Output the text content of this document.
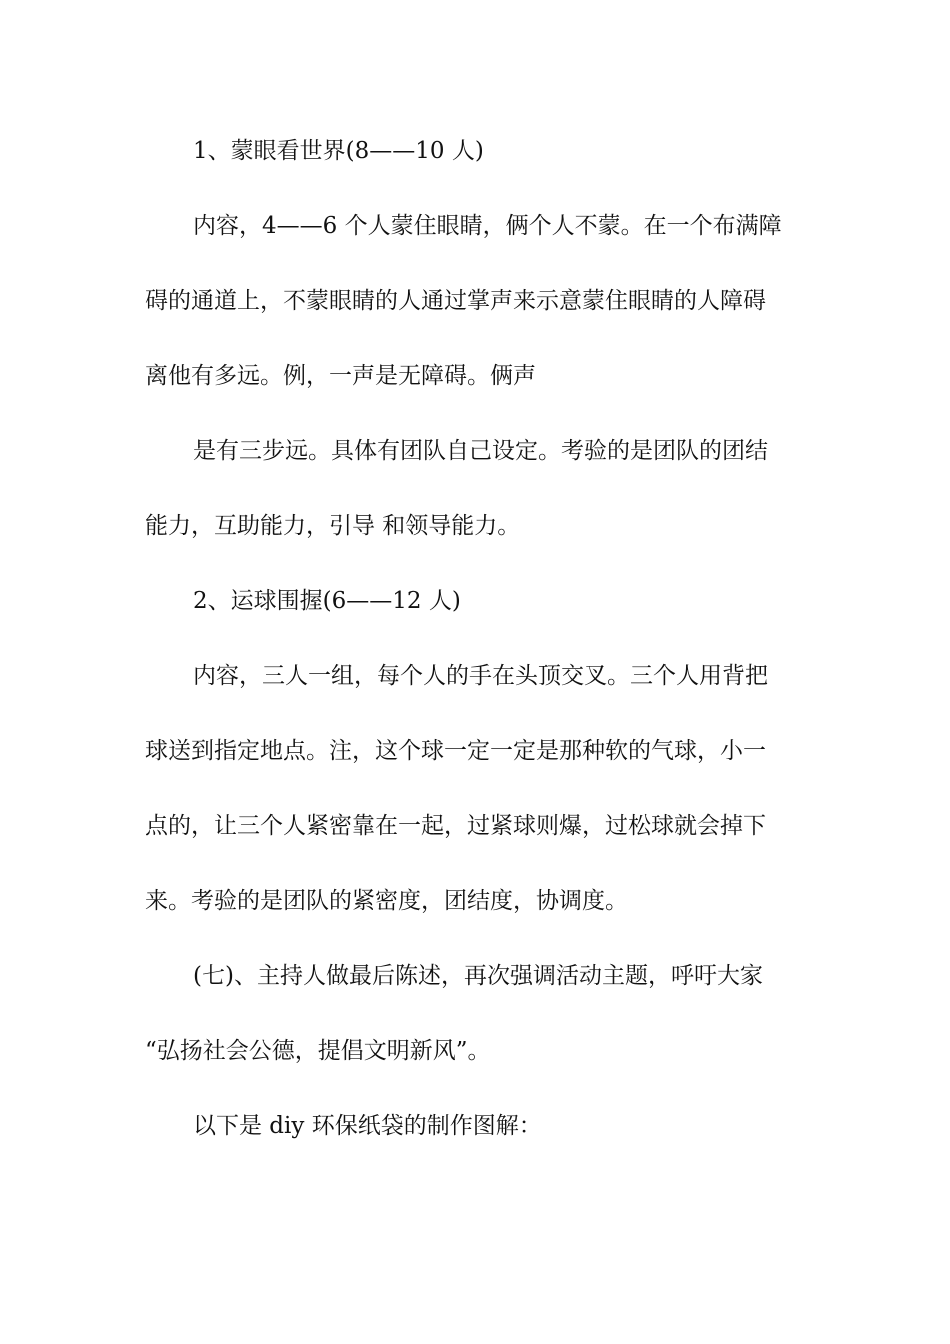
1、蒙眼看世界(8——10 人)
内容，4——6 个人蒙住眼睛，俩个人不蒙。在一个布满障
碍的通道上，不蒙眼睛的人通过掌声来示意蒙住眼睛的人障碍
离他有多远。例，一声是无障碍。俩声
是有三步远。具体有团队自己设定。考验的是团队的团结
能力，互助能力，引导 和领导能力。
2、运球围握(6——12 人)
内容，三人一组，每个人的手在头顶交叉。三个人用背把
球送到指定地点。注，这个球一定一定是那种软的气球，小一
点的，让三个人紧密靠在一起，过紧球则爆，过松球就会掉下
来。考验的是团队的紧密度，团结度，协调度。
(七)、主持人做最后陈述，再次强调活动主题，呼吁大家
“弘扬社会公德，提倡文明新风”。
以下是 diy 环保纸袋的制作图解：
